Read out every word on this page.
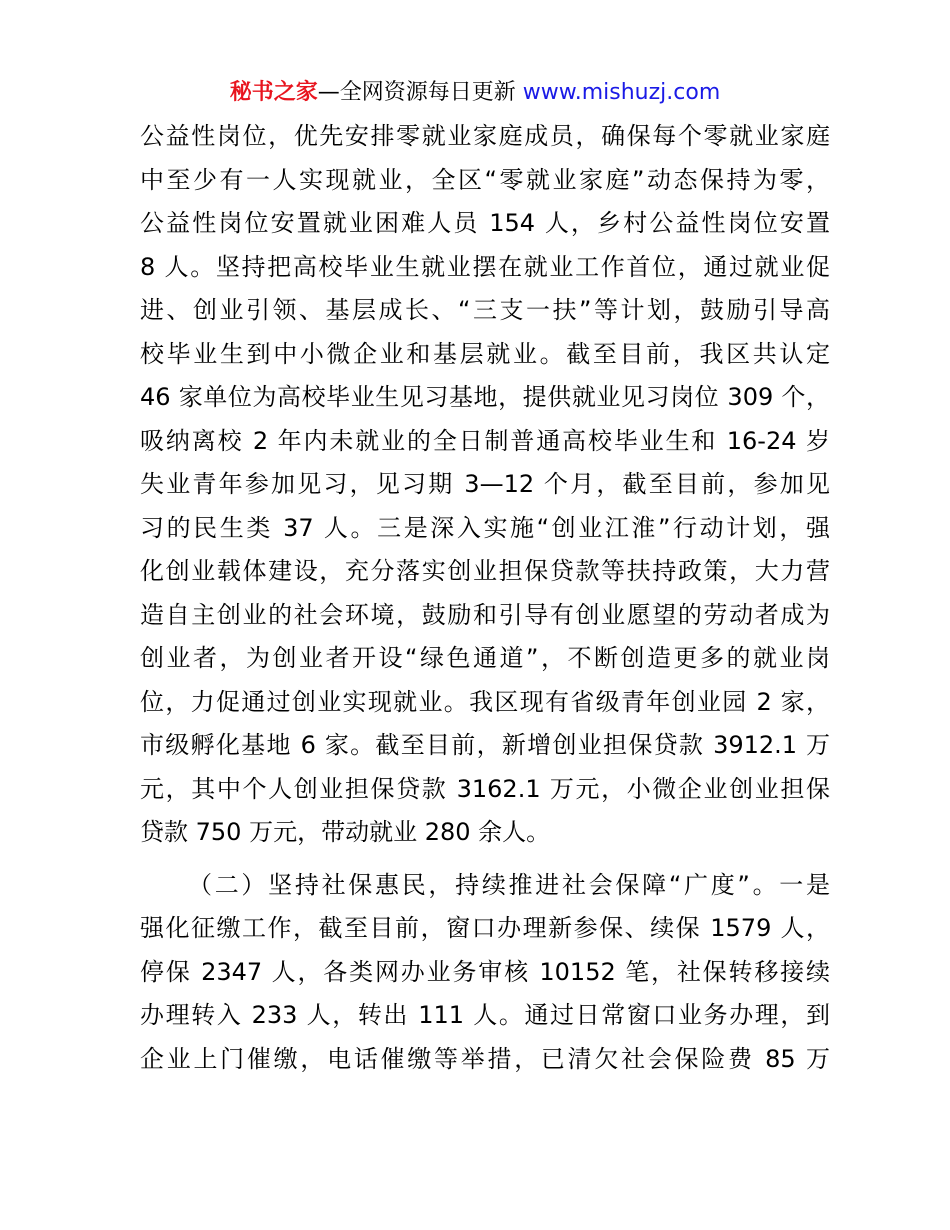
秘书之家—全网资源每日更新 www.mishuzj.com
公益性岗位，优先安排零就业家庭成员，确保每个零就业家庭
中至少有一人实现就业，全区“零就业家庭”动态保持为零，
公益性岗位安置就业困难人员 154 人，乡村公益性岗位安置
8 人。坚持把高校毕业生就业摆在就业工作首位，通过就业促
进、创业引领、基层成长、“三支一扶”等计划，鼓励引导高
校毕业生到中小微企业和基层就业。截至目前，我区共认定
46 家单位为高校毕业生见习基地，提供就业见习岗位 309 个，
吸纳离校 2 年内未就业的全日制普通高校毕业生和 16-24 岁
失业青年参加见习，见习期 3—12 个月，截至目前，参加见
习的民生类 37 人。三是深入实施“创业江淮”行动计划，强
化创业载体建设，充分落实创业担保贷款等扶持政策，大力营
造自主创业的社会环境，鼓励和引导有创业愿望的劳动者成为
创业者，为创业者开设“绿色通道”，不断创造更多的就业岗
位，力促通过创业实现就业。我区现有省级青年创业园 2 家，
市级孵化基地 6 家。截至目前，新增创业担保贷款 3912.1 万
元，其中个人创业担保贷款 3162.1 万元，小微企业创业担保
贷款 750 万元，带动就业 280 余人。
（二）坚持社保惠民，持续推进社会保障“广度”。一是
强化征缴工作，截至目前，窗口办理新参保、续保 1579 人，
停保 2347 人，各类网办业务审核 10152 笔，社保转移接续
办理转入 233 人，转出 111 人。通过日常窗口业务办理，到
企业上门催缴，电话催缴等举措，已清欠社会保险费 85 万
